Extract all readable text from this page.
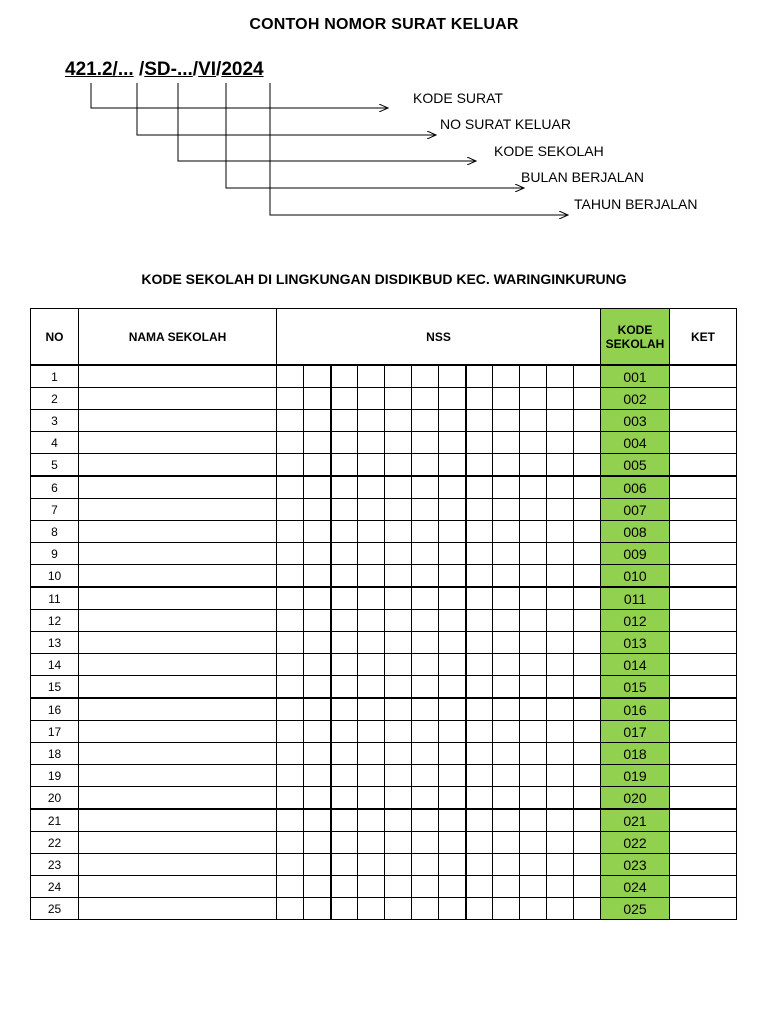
CONTOH NOMOR SURAT KELUAR
421.2/... /SD-.../VI/2024
KODE SURAT
NO SURAT KELUAR
KODE SEKOLAH
BULAN BERJALAN
TAHUN BERJALAN
KODE SEKOLAH DI LINGKUNGAN DISDIKBUD KEC. WARINGINKURUNG
NO	NAMA SEKOLAH	NSS												KODE SEKOLAH	KET
1														001	
2														002	
3														003	
4														004	
5														005	
6														006	
7														007	
8														008	
9														009	
10														010	
11														011	
12														012	
13														013	
14														014	
15														015	
16														016	
17														017	
18														018	
19														019	
20														020	
21														021	
22														022	
23														023	
24														024	
25														025	
